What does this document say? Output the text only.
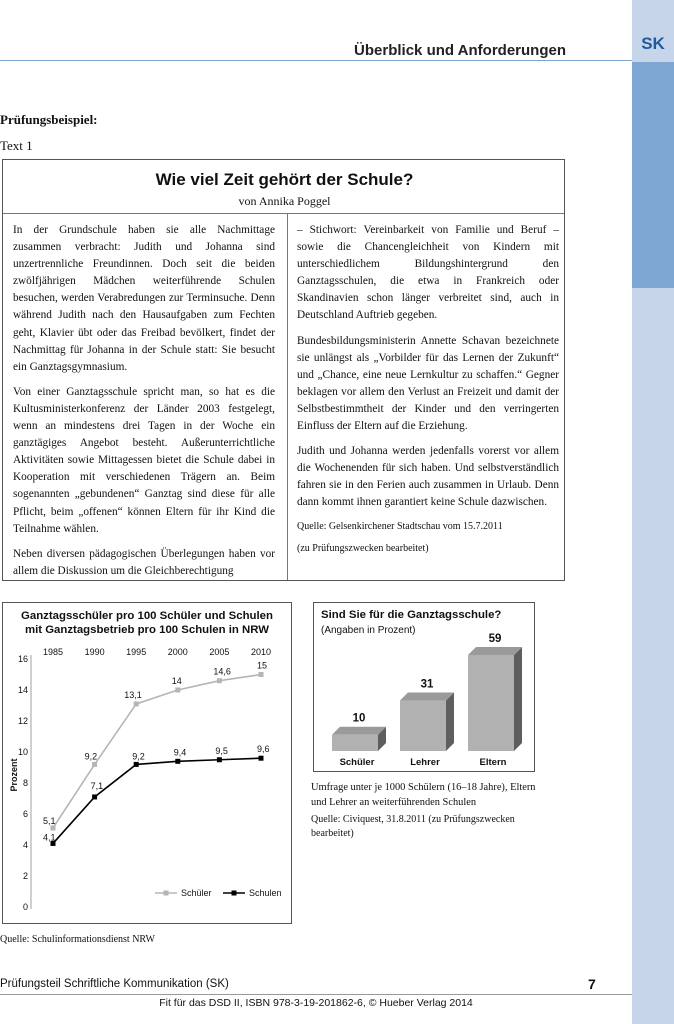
SK
Überblick und Anforderungen
Prüfungsbeispiel:
Text 1
Wie viel Zeit gehört der Schule?
von Annika Poggel

In der Grundschule haben sie alle Nachmittage zusammen verbracht: Judith und Johanna sind unzertrennliche Freundinnen. Doch seit die beiden zwölfjährigen Mädchen weiterführende Schulen besuchen, werden Verabredungen zur Terminsuche. Denn während Judith nach den Hausaufgaben zum Fechten geht, Klavier übt oder das Freibad bevölkert, findet der Nachmittag für Johanna in der Schule statt: Sie besucht ein Ganztagsgymnasium.

Von einer Ganztagsschule spricht man, so hat es die Kultusministerkonferenz der Länder 2003 festgelegt, wenn an mindestens drei Tagen in der Woche ein ganztägiges Angebot besteht. Außerunterrichtliche Aktivitäten sowie Mittagessen bietet die Schule dabei in Kooperation mit verschiedenen Trägern an. Beim sogenannten „gebundenen“ Ganztag sind diese für alle Pflicht, beim „offenen“ können Eltern für ihr Kind die Teilnahme wählen.

Neben diversen pädagogischen Überlegungen haben vor allem die Diskussion um die Gleichberechtigung

– Stichwort: Vereinbarkeit von Familie und Beruf – sowie die Chancengleichheit von Kindern mit unterschiedlichem Bildungshintergrund den Ganztagsschulen, die etwa in Frankreich oder Skandinavien schon länger verbreitet sind, auch in Deutschland Auftrieb gegeben.

Bundesbildungsministerin Annette Schavan bezeichnete sie unlängst als „Vorbilder für das Lernen der Zukunft“ und „Chance, eine neue Lernkultur zu schaffen.“ Gegner beklagen vor allem den Verlust an Freizeit und damit der Selbstbestimmtheit der Kinder und den verringerten Einfluss der Eltern auf die Erziehung.

Judith und Johanna werden jedenfalls vorerst vor allem die Wochenenden für sich haben. Und selbstverständlich fahren sie in den Ferien auch zusammen in Urlaub. Denn dann kommt ihnen garantiert keine Schule dazwischen.

Quelle: Gelsenkirchener Stadtschau vom 15.7.2011

(zu Prüfungszwecken bearbeitet)

Ganztagsschüler pro 100 Schüler und Schulen
mit Ganztagsbetrieb pro 100 Schulen in NRW
0
2
4
6
8
10
12
14
16
Prozent
1985 1990 1995 2000 2005 2010
5,1
9,2
13,1
14
14,6
15
4,1
7,1
9,2	9,4	9,5	9,6
Schüler	Schulen
Quelle: Schulinformationsdienst NRW
Sind Sie für die Ganztagsschule?
(Angaben in Prozent)
10
Schüler
31
Lehrer
59
Eltern
Umfrage unter je 1000 Schülern (16–18 Jahre), Eltern und Lehrer an weiterführenden Schulen
Quelle: Civiquest, 31.8.2011 (zu Prüfungszwecken bearbeitet)
Prüfungsteil Schriftliche Kommunikation (SK)	7
Fit für das DSD II, ISBN 978-3-19-201862-6, © Hueber Verlag 2014
